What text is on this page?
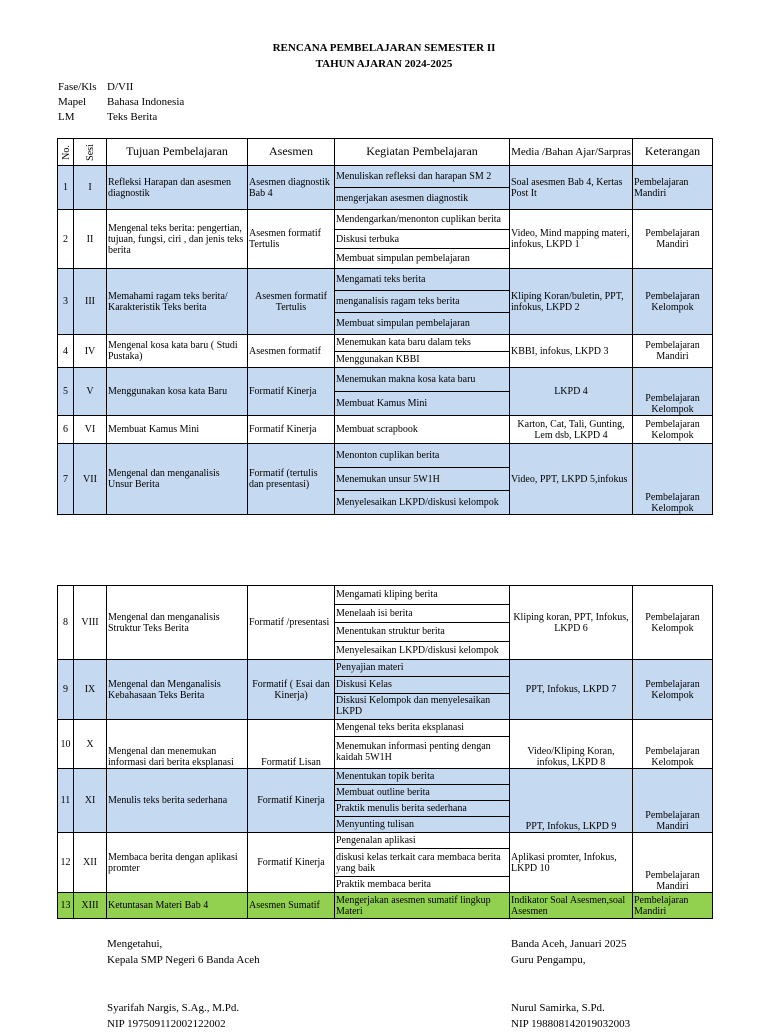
RENCANA PEMBELAJARAN SEMESTER II
TAHUN AJARAN 2024-2025
Fase/Kls D/VII
Mapel Bahasa Indonesia
LM	Teks Berita
No.	Sesi	Tujuan Pembelajaran	Asesmen	Kegiatan Pembelajaran	Media /Bahan Ajar/Sarpras	Keterangan
1	I	Refleksi Harapan dan asesmen diagnostik	Asesmen diagnostik Bab 4	Menuliskan refleksi dan harapan SM 2
mengerjakan asesmen diagnostik	Soal asesmen Bab 4, Kertas Post It	Pembelajaran Mandiri
2	II	Mengenal teks berita: pengertian, tujuan, fungsi, ciri , dan jenis teks berita	Asesmen formatif Tertulis	Mendengarkan/menonton cuplikan berita
Diskusi terbuka
Membuat simpulan pembelajaran	Video, Mind mapping materi, infokus, LKPD 1	Pembelajaran Mandiri
3	III	Memahami ragam teks berita/ Karakteristik Teks berita	Asesmen formatif Tertulis	Mengamati teks berita
menganalisis ragam teks berita
Membuat simpulan pembelajaran	Kliping Koran/buletin, PPT, infokus, LKPD 2	Pembelajaran Kelompok
4	IV	Mengenal kosa kata baru ( Studi Pustaka)	Asesmen formatif	Menemukan kata baru dalam teks
Menggunakan KBBI	KBBI, infokus, LKPD 3	Pembelajaran Mandiri
5	V	Menggunakan kosa kata Baru	Formatif Kinerja	Menemukan makna kosa kata baru
Membuat Kamus Mini	LKPD 4	Pembelajaran Kelompok
6	VI	Membuat Kamus Mini	Formatif Kinerja	Membuat scrapbook	Karton, Cat, Tali, Gunting, Lem dsb, LKPD 4	Pembelajaran Kelompok
7	VII	Mengenal dan menganalisis Unsur Berita	Formatif (tertulis dan presentasi)	Menonton cuplikan berita
Menemukan unsur 5W1H
Menyelesaikan LKPD/diskusi kelompok	Video, PPT, LKPD 5,infokus	Pembelajaran Kelompok
8	VIII	Mengenal dan menganalisis Struktur Teks Berita	Formatif /presentasi	Mengamati kliping berita
Menelaah isi berita
Menentukan struktur berita
Menyelesaikan LKPD/diskusi kelompok	Kliping koran, PPT, Infokus, LKPD 6	Pembelajaran Kelompok
9	IX	Mengenal dan Menganalisis Kebahasaan Teks Berita	Formatif ( Esai dan Kinerja)	Penyajian materi
Diskusi Kelas
Diskusi Kelompok dan menyelesaikan LKPD	PPT, Infokus, LKPD 7	Pembelajaran Kelompok
10	X	Mengenal dan menemukan informasi dari berita eksplanasi	Formatif Lisan	Mengenal teks berita eksplanasi
Menemukan informasi penting dengan kaidah 5W1H	Video/Kliping Koran, infokus, LKPD 8	Pembelajaran Kelompok
11	XI	Menulis teks berita sederhana	Formatif Kinerja	Menentukan topik berita
Membuat outline berita
Praktik menulis berita sederhana
Menyunting tulisan	PPT, Infokus, LKPD 9	Pembelajaran Mandiri
12	XII	Membaca berita dengan aplikasi promter	Formatif Kinerja	Pengenalan aplikasi
diskusi kelas terkait cara membaca berita yang baik
Praktik membaca berita	Aplikasi promter, Infokus, LKPD 10	Pembelajaran Mandiri
13	XIII	Ketuntasan Materi Bab 4	Asesmen Sumatif	Mengerjakan asesmen sumatif lingkup Materi	Indikator Soal Asesmen,soal Asesmen	Pembelajaran Mandiri
Mengetahui,
Kepala SMP Negeri 6 Banda Aceh
Syarifah Nargis, S.Ag., M.Pd.
NIP 197509112002122002
Banda Aceh, Januari 2025
Guru Pengampu,
Nurul Samirka, S.Pd.
NIP 198808142019032003
